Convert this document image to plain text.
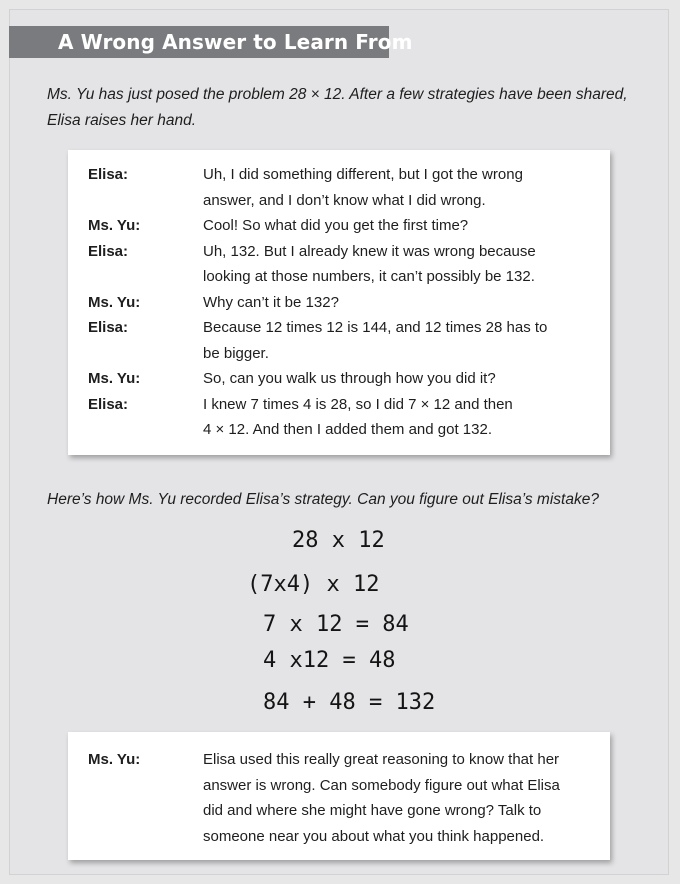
A Wrong Answer to Learn From
Ms. Yu has just posed the problem 28 × 12. After a few strategies have been shared, Elisa raises her hand.
Elisa:	Uh, I did something different, but I got the wrong
answer, and I don’t know what I did wrong.
Ms. Yu:	Cool! So what did you get the first time?
Elisa:	Uh, 132. But I already knew it was wrong because
looking at those numbers, it can’t possibly be 132.
Ms. Yu:	Why can’t it be 132?
Elisa:	Because 12 times 12 is 144, and 12 times 28 has to
be bigger.
Ms. Yu:	So, can you walk us through how you did it?
Elisa:	I knew 7 times 4 is 28, so I did 7 × 12 and then
4 × 12. And then I added them and got 132.
Here’s how Ms. Yu recorded Elisa’s strategy. Can you figure out Elisa’s mistake?
28 x 12
(7x4) x 12
7 x 12 = 84
4 x12 = 48
84 + 48 = 132
Ms. Yu:	Elisa used this really great reasoning to know that her
answer is wrong. Can somebody figure out what Elisa
did and where she might have gone wrong? Talk to
someone near you about what you think happened.
